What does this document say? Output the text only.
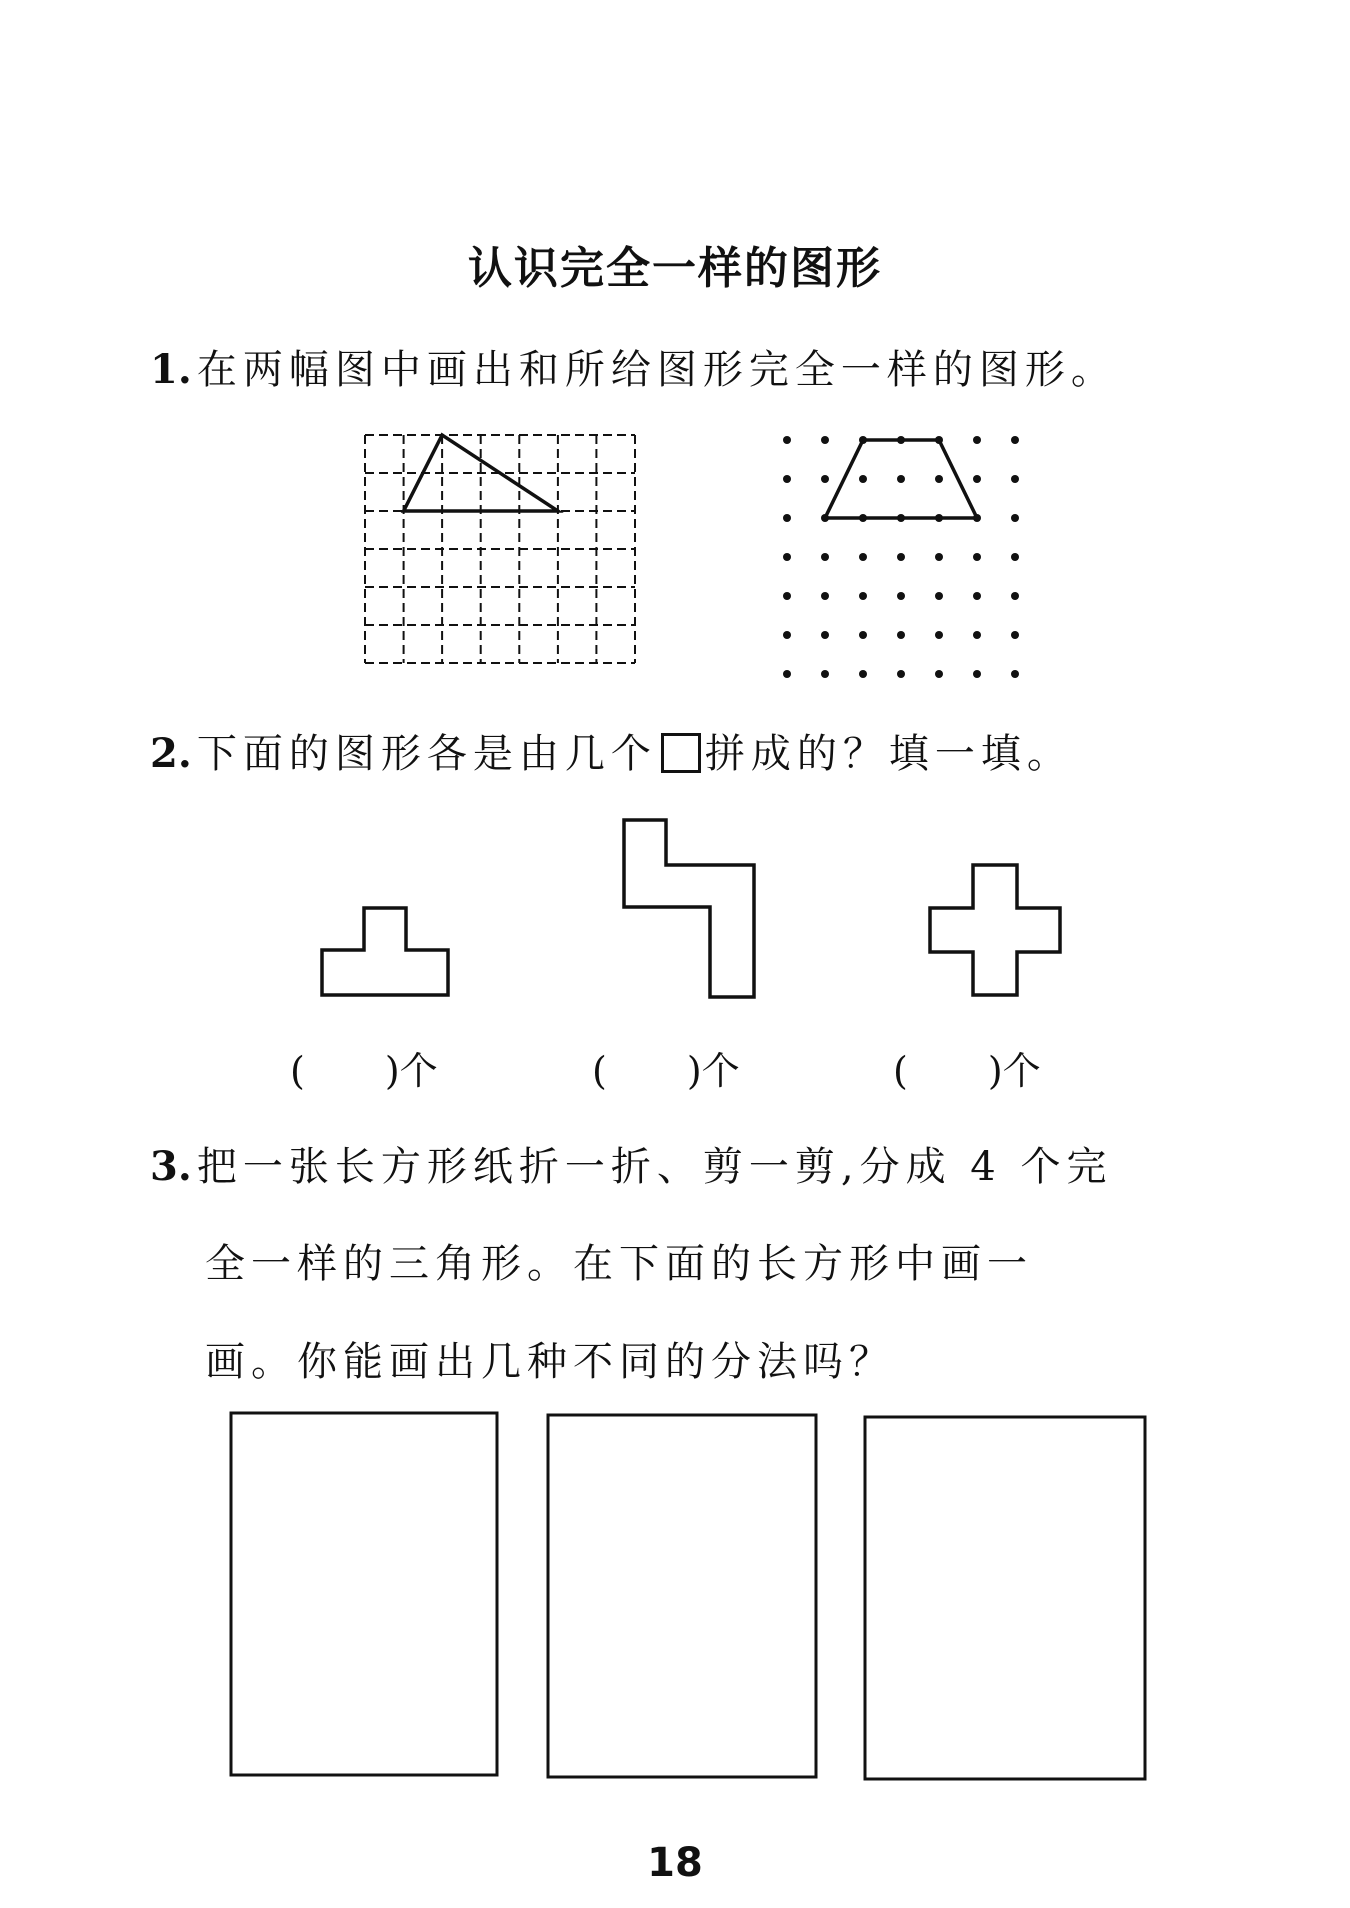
认识完全一样的图形
1. 在两幅图中画出和所给图形完全一样的图形。
2. 下面的图形各是由几个 拼成的？填一填。
( )个	( )个	( )个
3. 把一张长方形纸折一折、剪一剪,分成 4 个完
全一样的三角形。在下面的长方形中画一
画。你能画出几种不同的分法吗？
18
